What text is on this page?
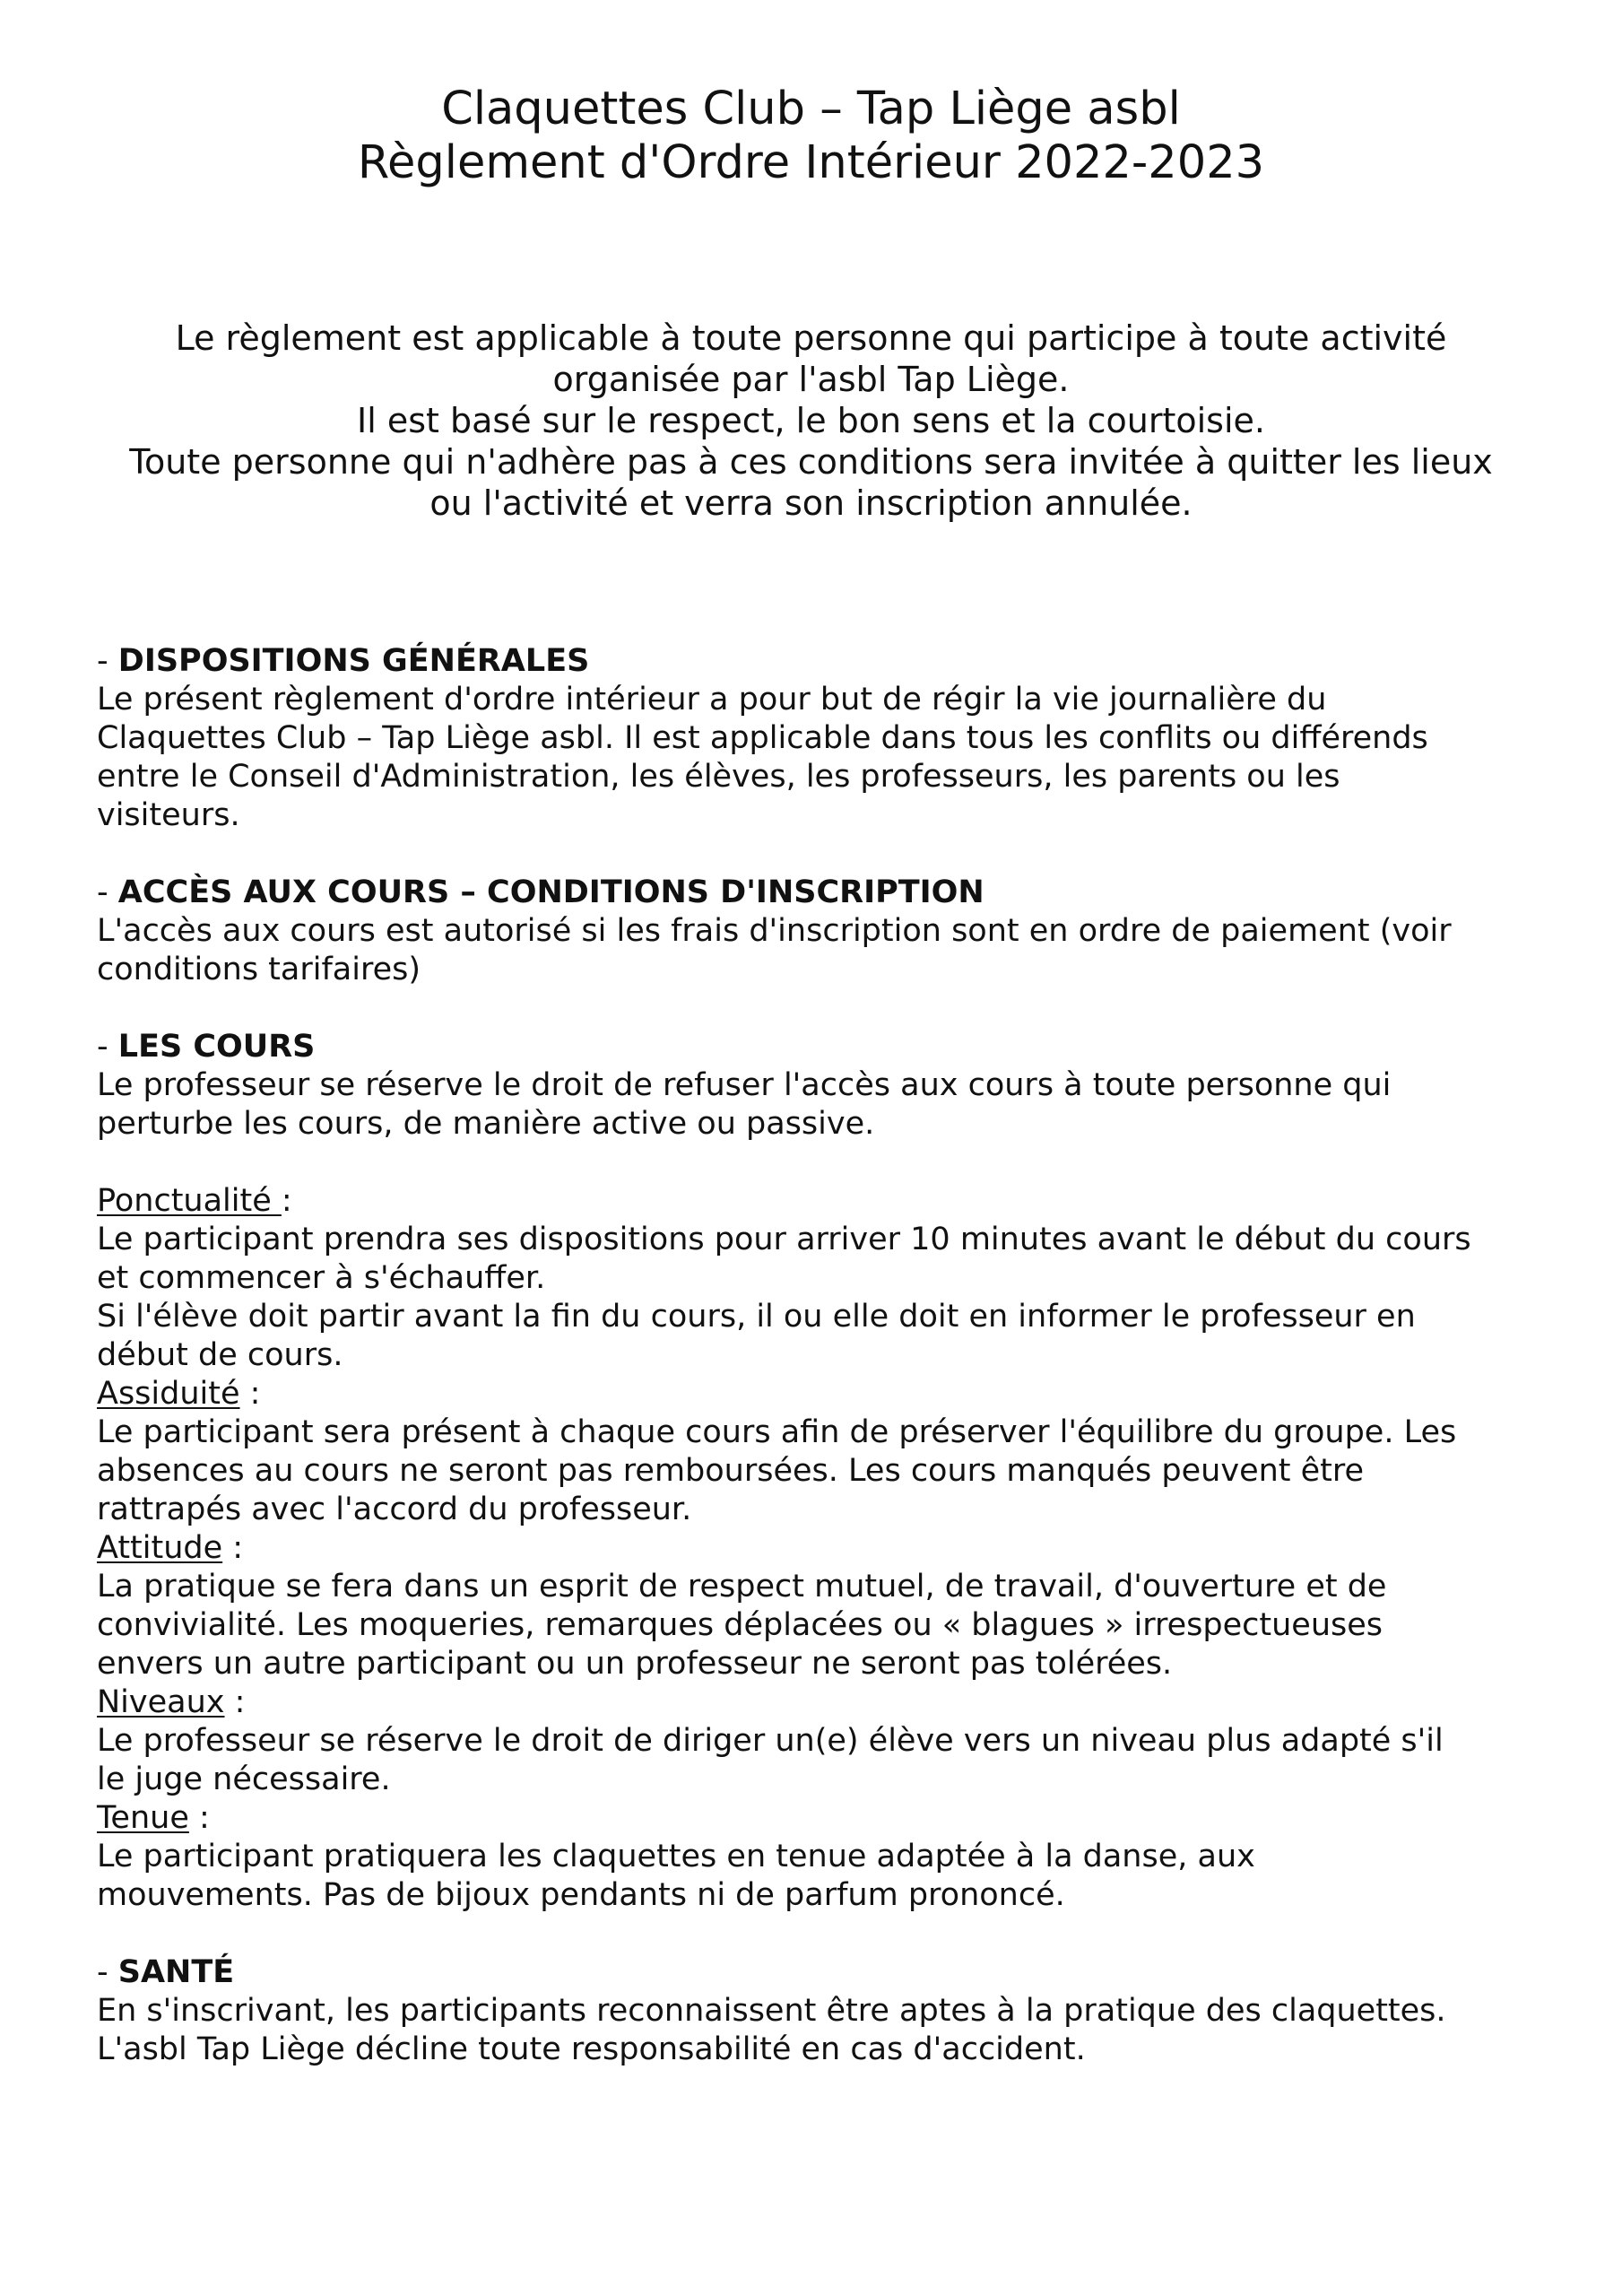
Claquettes Club – Tap Liège asbl
Règlement d'Ordre Intérieur 2022-2023
Le règlement est applicable à toute personne qui participe à toute activité
organisée par l'asbl Tap Liège.
Il est basé sur le respect, le bon sens et la courtoisie.
Toute personne qui n'adhère pas à ces conditions sera invitée à quitter les lieux
ou l'activité et verra son inscription annulée.
- DISPOSITIONS GÉNÉRALES
Le présent règlement d'ordre intérieur a pour but de régir la vie journalière du
Claquettes Club – Tap Liège asbl. Il est applicable dans tous les conflits ou différends
entre le Conseil d'Administration, les élèves, les professeurs, les parents ou les
visiteurs.
- ACCÈS AUX COURS – CONDITIONS D'INSCRIPTION
L'accès aux cours est autorisé si les frais d'inscription sont en ordre de paiement (voir
conditions tarifaires)
- LES COURS
Le professeur se réserve le droit de refuser l'accès aux cours à toute personne qui
perturbe les cours, de manière active ou passive.
Ponctualité :
Le participant prendra ses dispositions pour arriver 10 minutes avant le début du cours
et commencer à s'échauffer.
Si l'élève doit partir avant la fin du cours, il ou elle doit en informer le professeur en
début de cours.
Assiduité :
Le participant sera présent à chaque cours afin de préserver l'équilibre du groupe. Les
absences au cours ne seront pas remboursées. Les cours manqués peuvent être
rattrapés avec l'accord du professeur.
Attitude :
La pratique se fera dans un esprit de respect mutuel, de travail, d'ouverture et de
convivialité. Les moqueries, remarques déplacées ou « blagues » irrespectueuses
envers un autre participant ou un professeur ne seront pas tolérées.
Niveaux :
Le professeur se réserve le droit de diriger un(e) élève vers un niveau plus adapté s'il
le juge nécessaire.
Tenue :
Le participant pratiquera les claquettes en tenue adaptée à la danse, aux
mouvements. Pas de bijoux pendants ni de parfum prononcé.
- SANTÉ
En s'inscrivant, les participants reconnaissent être aptes à la pratique des claquettes.
L'asbl Tap Liège décline toute responsabilité en cas d'accident.
